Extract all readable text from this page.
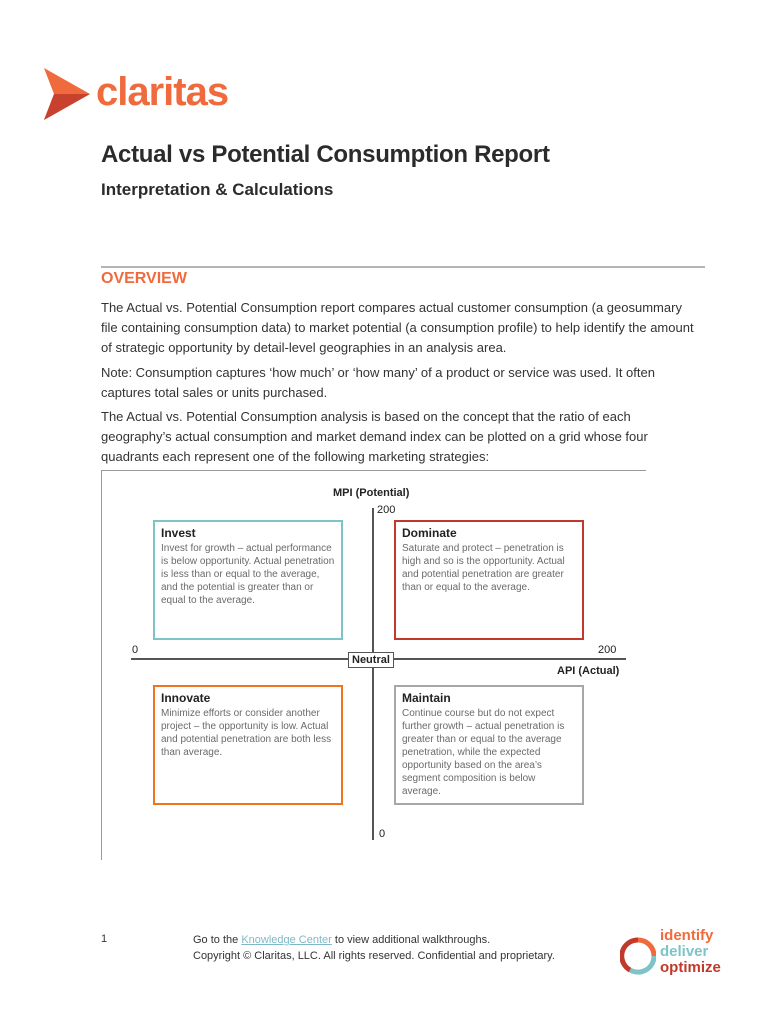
claritas
Actual vs Potential Consumption Report
Interpretation & Calculations
OVERVIEW

The Actual vs. Potential Consumption report compares actual customer consumption (a geosummary file containing consumption data) to market potential (a consumption profile) to help identify the amount of strategic opportunity by detail-level geographies in an analysis area.

Note: Consumption captures ‘how much’ or ‘how many’ of a product or service was used. It often captures total sales or units purchased.

The Actual vs. Potential Consumption analysis is based on the concept that the ratio of each geography’s actual consumption and market demand index can be plotted on a grid whose four quadrants each represent one of the following marketing strategies:

MPI (Potential)
200
0
0	200
API (Actual)
Invest
Invest for growth – actual performance is below opportunity. Actual penetration is less than or equal to the average, and the potential is greater than or equal to the average.
Dominate
Saturate and protect – penetration is high and so is the opportunity. Actual and potential penetration are greater than or equal to the average.
Innovate
Minimize efforts or consider another project – the opportunity is low. Actual and potential penetration are both less than average.
Maintain
Continue course but do not expect further growth – actual penetration is greater than or equal to the average penetration, while the expected opportunity based on the area’s segment composition is below average.
Neutral
1	Go to the Knowledge Center to view additional walkthroughs.
Copyright © Claritas, LLC. All rights reserved. Confidential and proprietary.
identify
deliver
optimize
